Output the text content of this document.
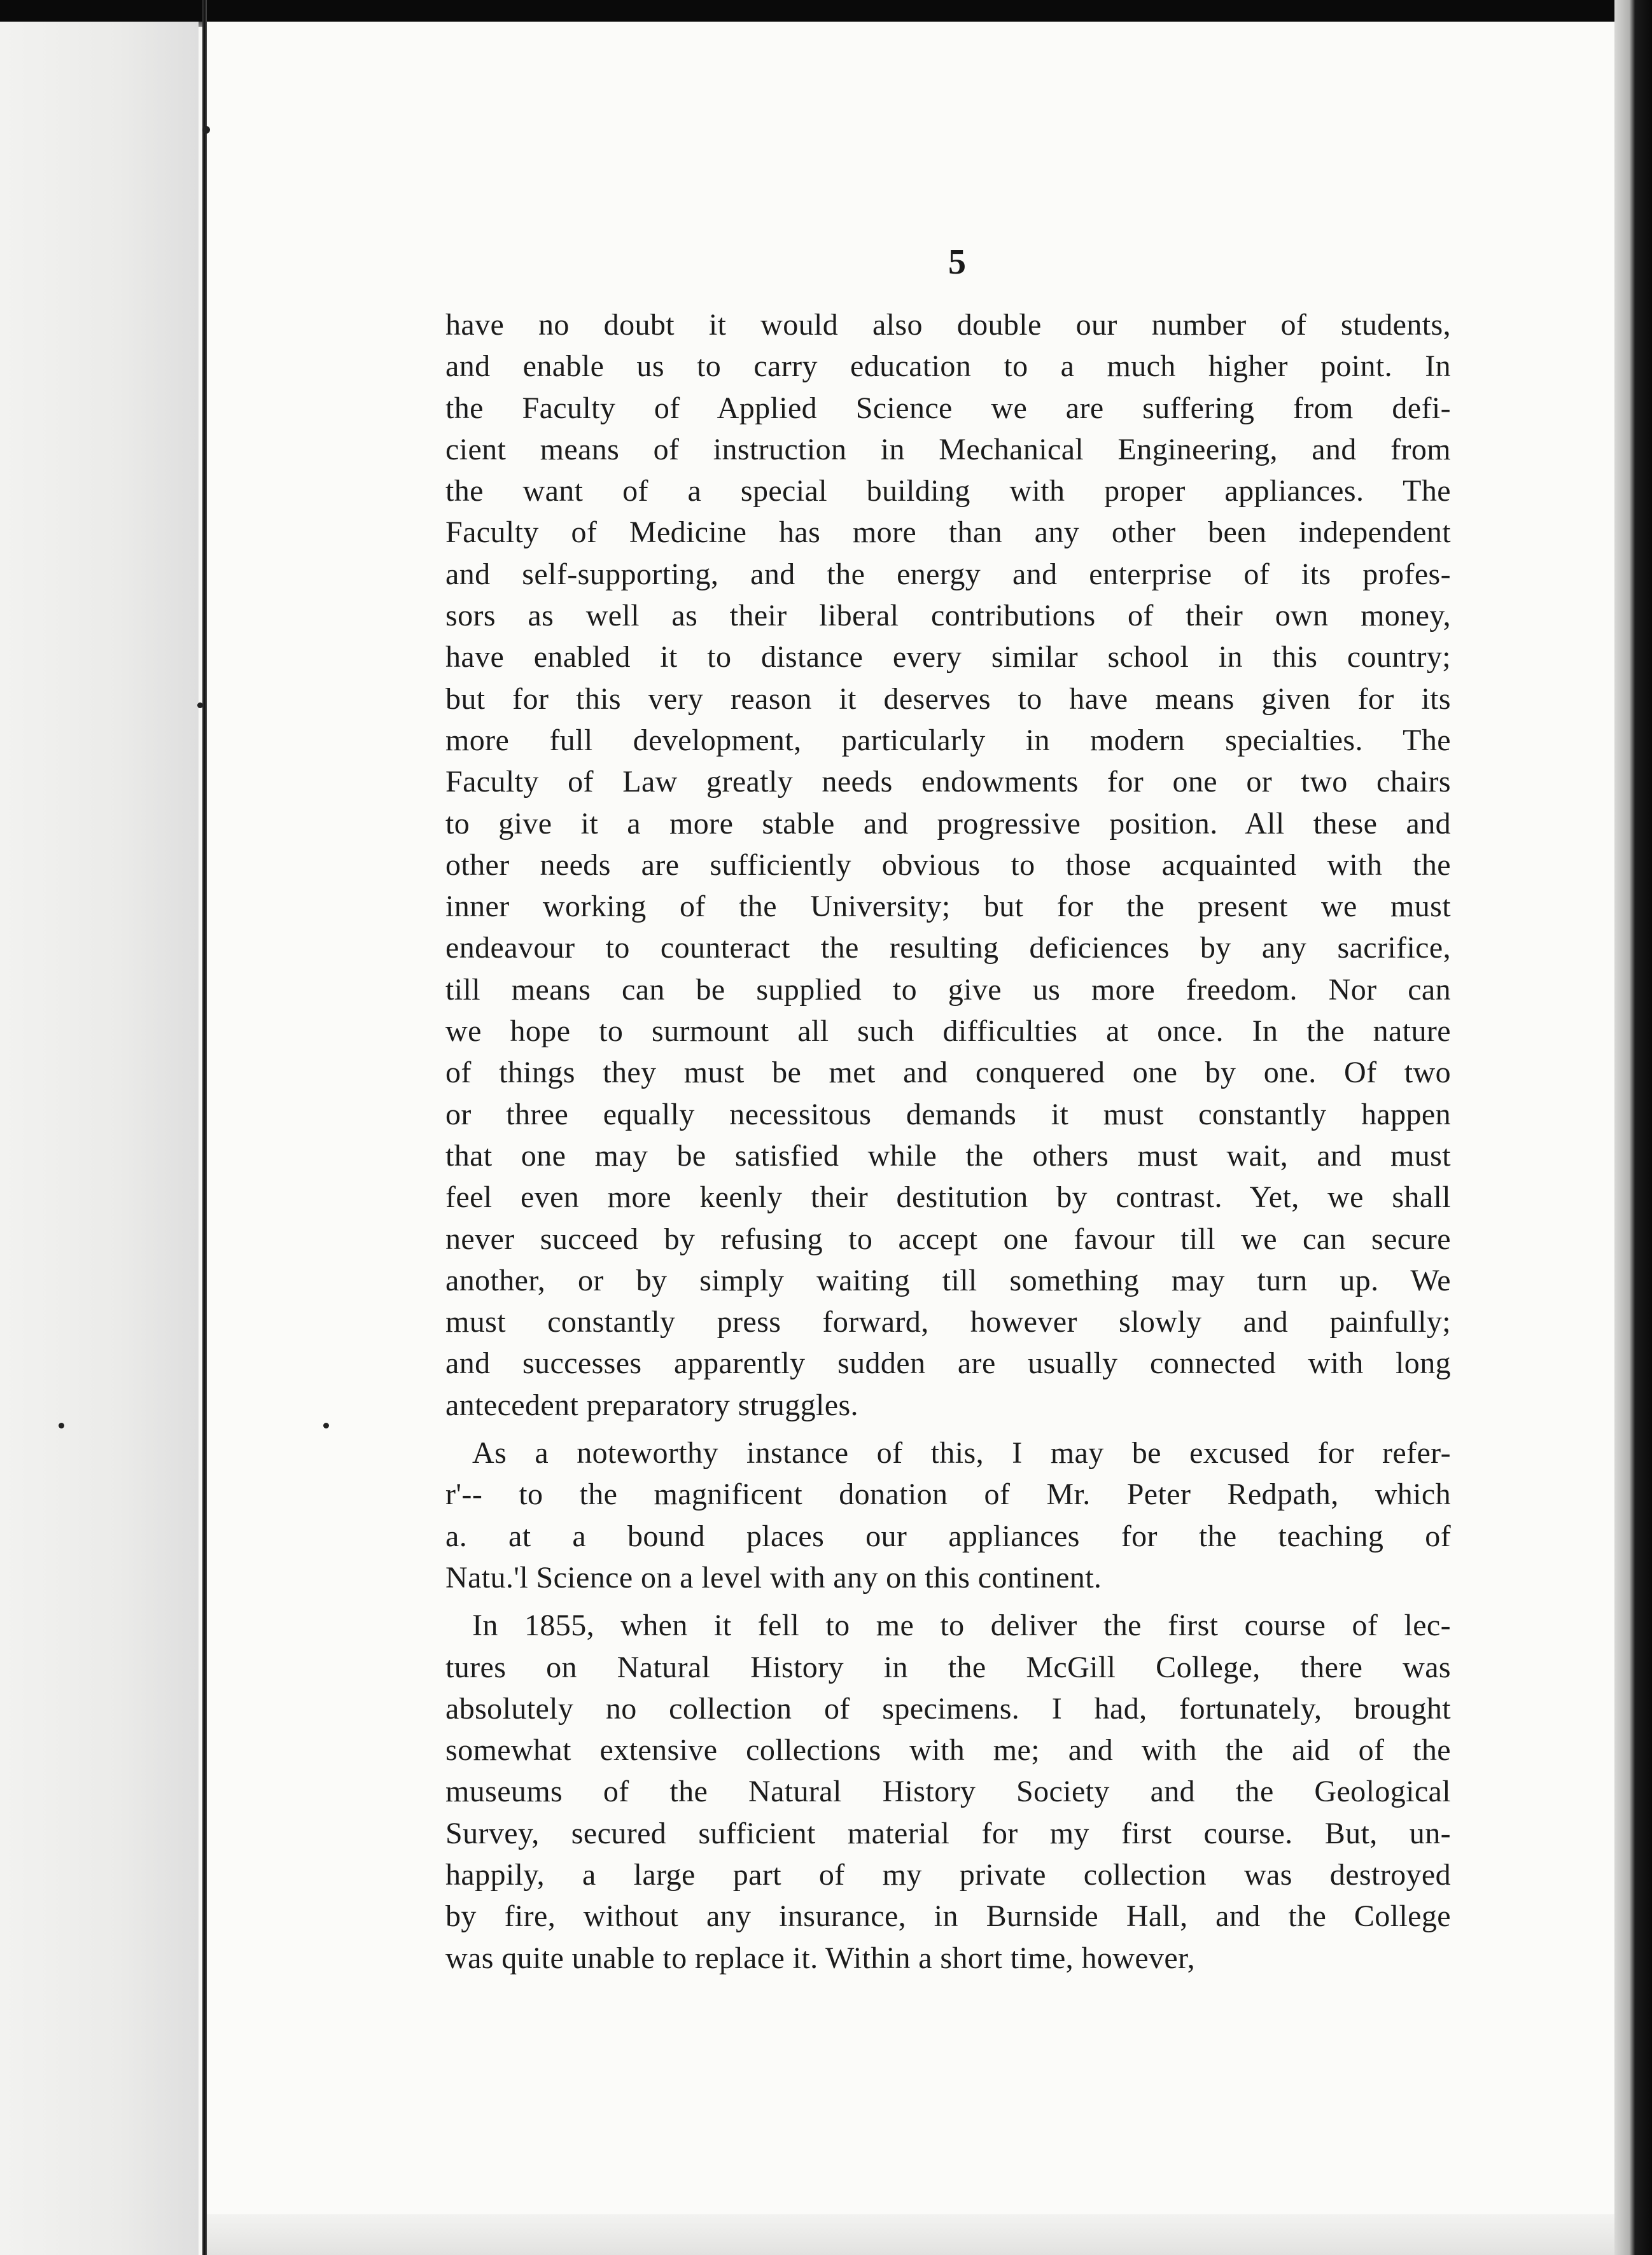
5
have no doubt it would also double our number of students,
and enable us to carry education to a much higher point. In
the Faculty of Applied Science we are suffering from defi-
cient means of instruction in Mechanical Engineering, and from
the want of a special building with proper appliances. The
Faculty of Medicine has more than any other been independent
and self-supporting, and the energy and enterprise of its profes-
sors as well as their liberal contributions of their own money,
have enabled it to distance every similar school in this country;
but for this very reason it deserves to have means given for its
more full development, particularly in modern specialties. The
Faculty of Law greatly needs endowments for one or two chairs
to give it a more stable and progressive position. All these and
other needs are sufficiently obvious to those acquainted with the
inner working of the University; but for the present we must
endeavour to counteract the resulting deficiences by any sacrifice,
till means can be supplied to give us more freedom. Nor can
we hope to surmount all such difficulties at once. In the nature
of things they must be met and conquered one by one. Of two
or three equally necessitous demands it must constantly happen
that one may be satisfied while the others must wait, and must
feel even more keenly their destitution by contrast. Yet, we shall
never succeed by refusing to accept one favour till we can secure
another, or by simply waiting till something may turn up. We
must constantly press forward, however slowly and painfully;
and successes apparently sudden are usually connected with long
antecedent preparatory struggles.
As a noteworthy instance of this, I may be excused for refer-
r'-- to the magnificent donation of Mr. Peter Redpath, which
a. at a bound places our appliances for the teaching of
Natu.'l Science on a level with any on this continent.
In 1855, when it fell to me to deliver the first course of lec-
tures on Natural History in the McGill College, there was
absolutely no collection of specimens. I had, fortunately, brought
somewhat extensive collections with me; and with the aid of the
museums of the Natural History Society and the Geological
Survey, secured sufficient material for my first course. But, un-
happily, a large part of my private collection was destroyed
by fire, without any insurance, in Burnside Hall, and the College
was quite unable to replace it. Within a short time, however,
